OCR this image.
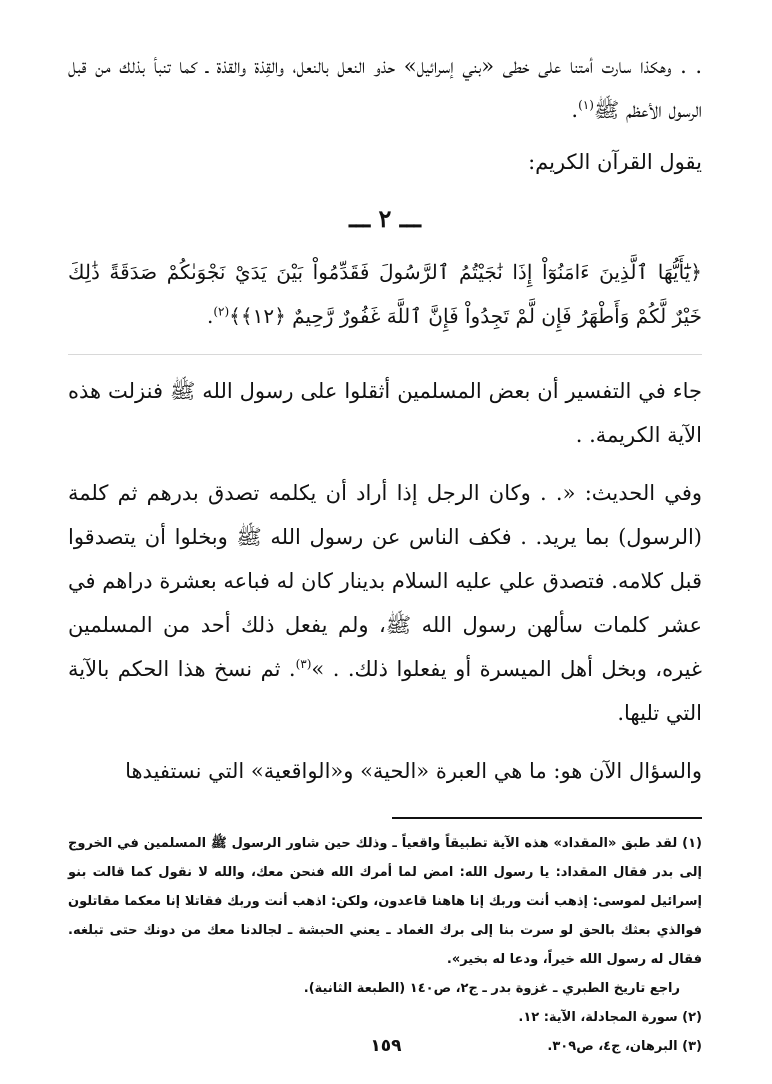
. . وهكذا سارت أمتنا على خطى «بني إسرائيل» حذو النعل بالنعل، والقِذة والقذة ـ كما تنبأ بذلك من قبل الرسول الأعظم ﷺ$^{(١)}$.

يقول القرآن الكريم:

ـــ ٢ ـــ

﴿يَٰٓأَيُّهَا ٱلَّذِينَ ءَامَنُوٓاْ إِذَا نَٰجَيْتُمُ ٱلرَّسُولَ فَقَدِّمُواْ بَيْنَ يَدَيْ نَجْوَىٰكُمْ صَدَقَةً ذَٰلِكَ خَيْرٌ لَّكُمْ وَأَطْهَرُ فَإِن لَّمْ تَجِدُواْ فَإِنَّ ٱللَّهَ غَفُورٌ رَّحِيمٌ ﴿١٢﴾﴾$^{(٢)}$.

جاء في التفسير أن بعض المسلمين أثقلوا على رسول الله ﷺ فنزلت هذه الآية الكريمة. .

وفي الحديث: «. . وكان الرجل إذا أراد أن يكلمه تصدق بدرهم ثم كلمة (الرسول) بما يريد. . فكف الناس عن رسول الله ﷺ وبخلوا أن يتصدقوا قبل كلامه. فتصدق علي عليه السلام بدينار كان له فباعه بعشرة دراهم في عشر كلمات سألهن رسول الله ﷺ، ولم يفعل ذلك أحد من المسلمين غيره، وبخل أهل الميسرة أو يفعلوا ذلك. . »$^{(٣)}$. ثم نسخ هذا الحكم بالآية التي تليها.

والسؤال الآن هو: ما هي العبرة «الحية» و«الواقعية» التي نستفيدها

(١) لقد طبق «المقداد» هذه الآية تطبيقاً واقعياً ـ وذلك حين شاور الرسول ﷺ المسلمين في الخروج إلى بدر فقال المقداد: يا رسول الله: امض لما أمرك الله فنحن معك، والله لا نقول كما قالت بنو إسرائيل لموسى: إذهب أنت وربك إنا هاهنا قاعدون، ولكن: اذهب أنت وربك فقاتلا إنا معكما مقاتلون فوالذي بعثك بالحق لو سرت بنا إلى برك الغماد ـ يعني الحبشة ـ لجالدنا معك من دونك حتى تبلغه. فقال له رسول الله خيراً، ودعا له بخير».

راجع تاريخ الطبري ـ غزوة بدر ـ ج٢، ص١٤٠ (الطبعة الثانية).

(٢) سورة المجادلة، الآية: ١٢.

(٣) البرهان، ج٤، ص٣٠٩.

١٥٩
